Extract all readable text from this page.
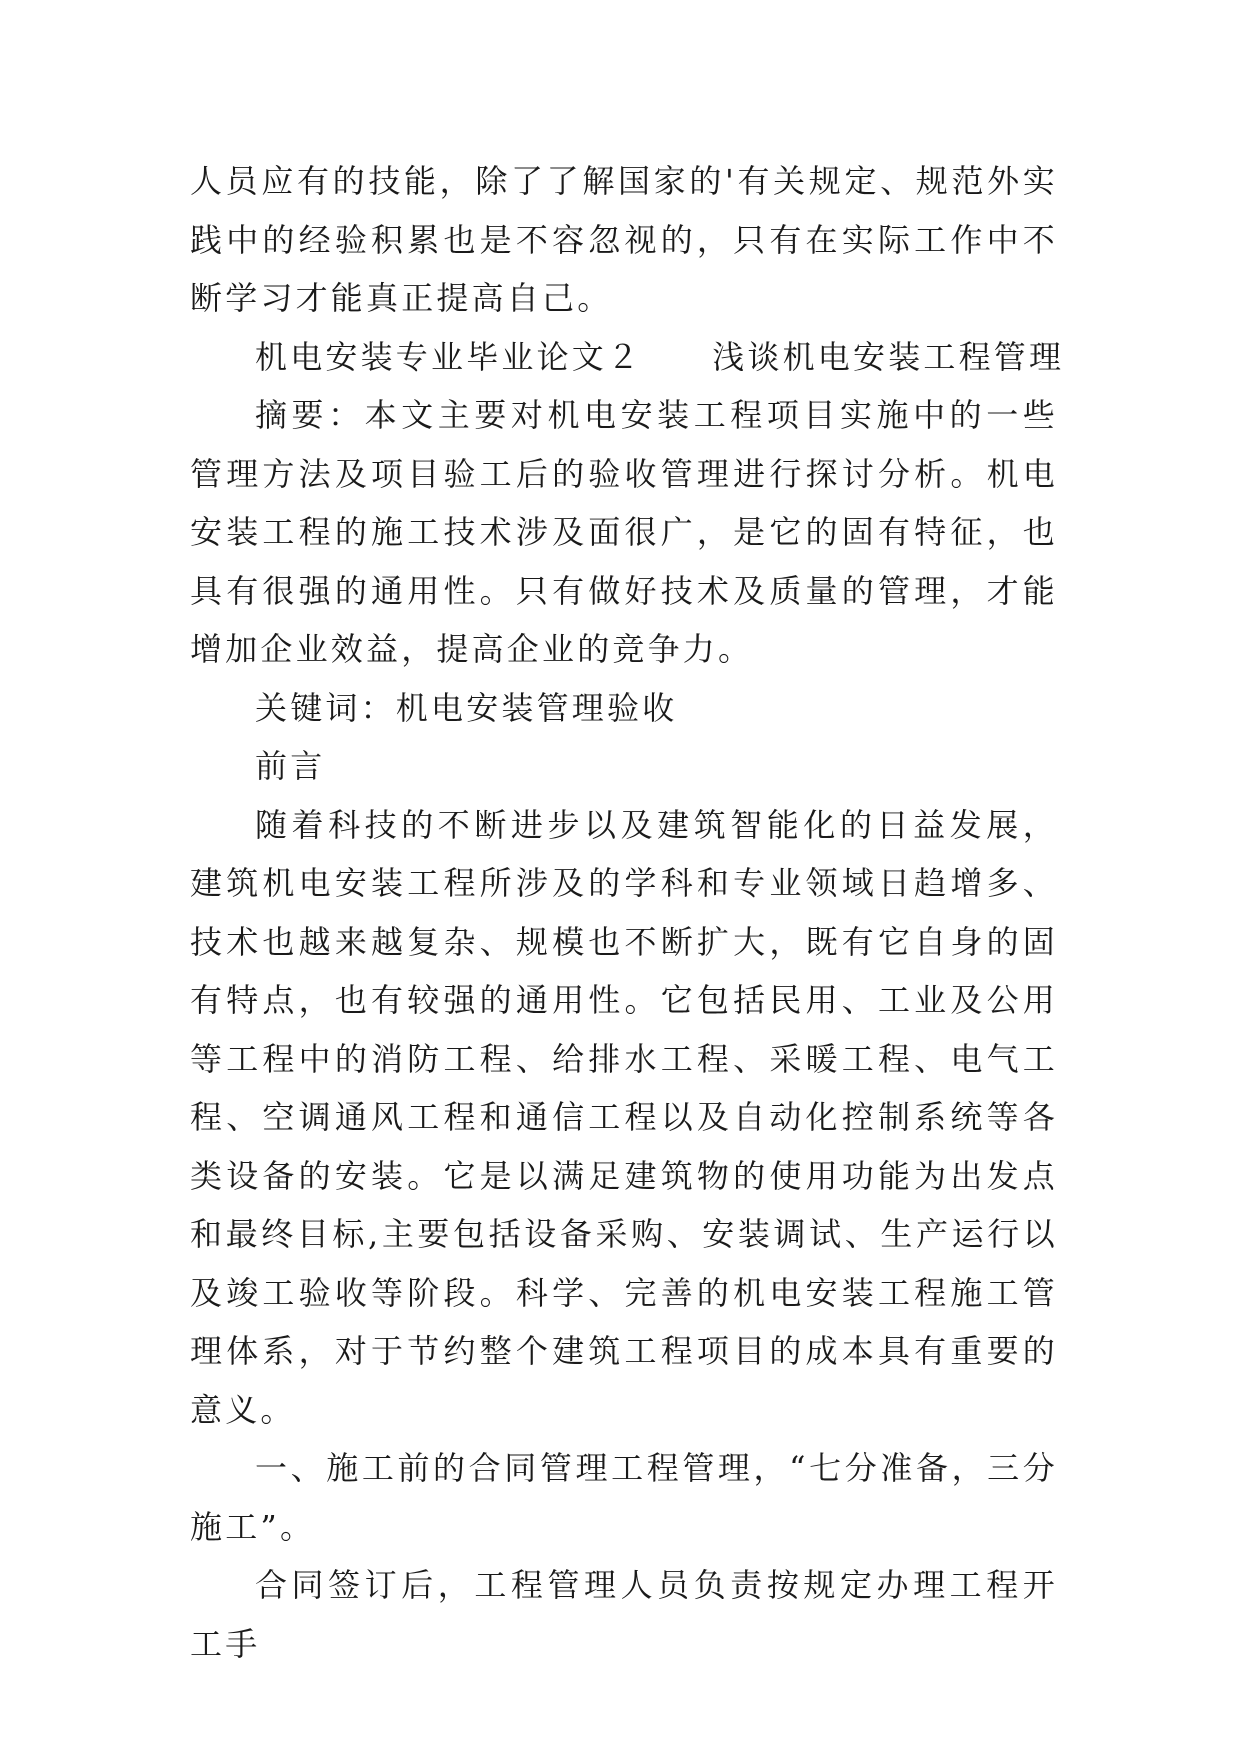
人员应有的技能，除了了解国家的'有关规定、规范外实践中的经验积累也是不容忽视的，只有在实际工作中不断学习才能真正提高自己。

机电安装专业毕业论文２ 浅谈机电安装工程管理

摘要：本文主要对机电安装工程项目实施中的一些管理方法及项目验工后的验收管理进行探讨分析。机电安装工程的施工技术涉及面很广，是它的固有特征，也具有很强的通用性。只有做好技术及质量的管理，才能增加企业效益，提高企业的竞争力。

关键词：机电安装管理验收

前言

随着科技的不断进步以及建筑智能化的日益发展，建筑机电安装工程所涉及的学科和专业领域日趋增多、技术也越来越复杂、规模也不断扩大，既有它自身的固有特点，也有较强的通用性。它包括民用、工业及公用等工程中的消防工程、给排水工程、采暖工程、电气工程、空调通风工程和通信工程以及自动化控制系统等各类设备的安装。它是以满足建筑物的使用功能为出发点和最终目标,主要包括设备采购、安装调试、生产运行以及竣工验收等阶段。科学、完善的机电安装工程施工管理体系，对于节约整个建筑工程项目的成本具有重要的意义。

一、施工前的合同管理工程管理，“七分准备，三分施工”。

合同签订后，工程管理人员负责按规定办理工程开工手
